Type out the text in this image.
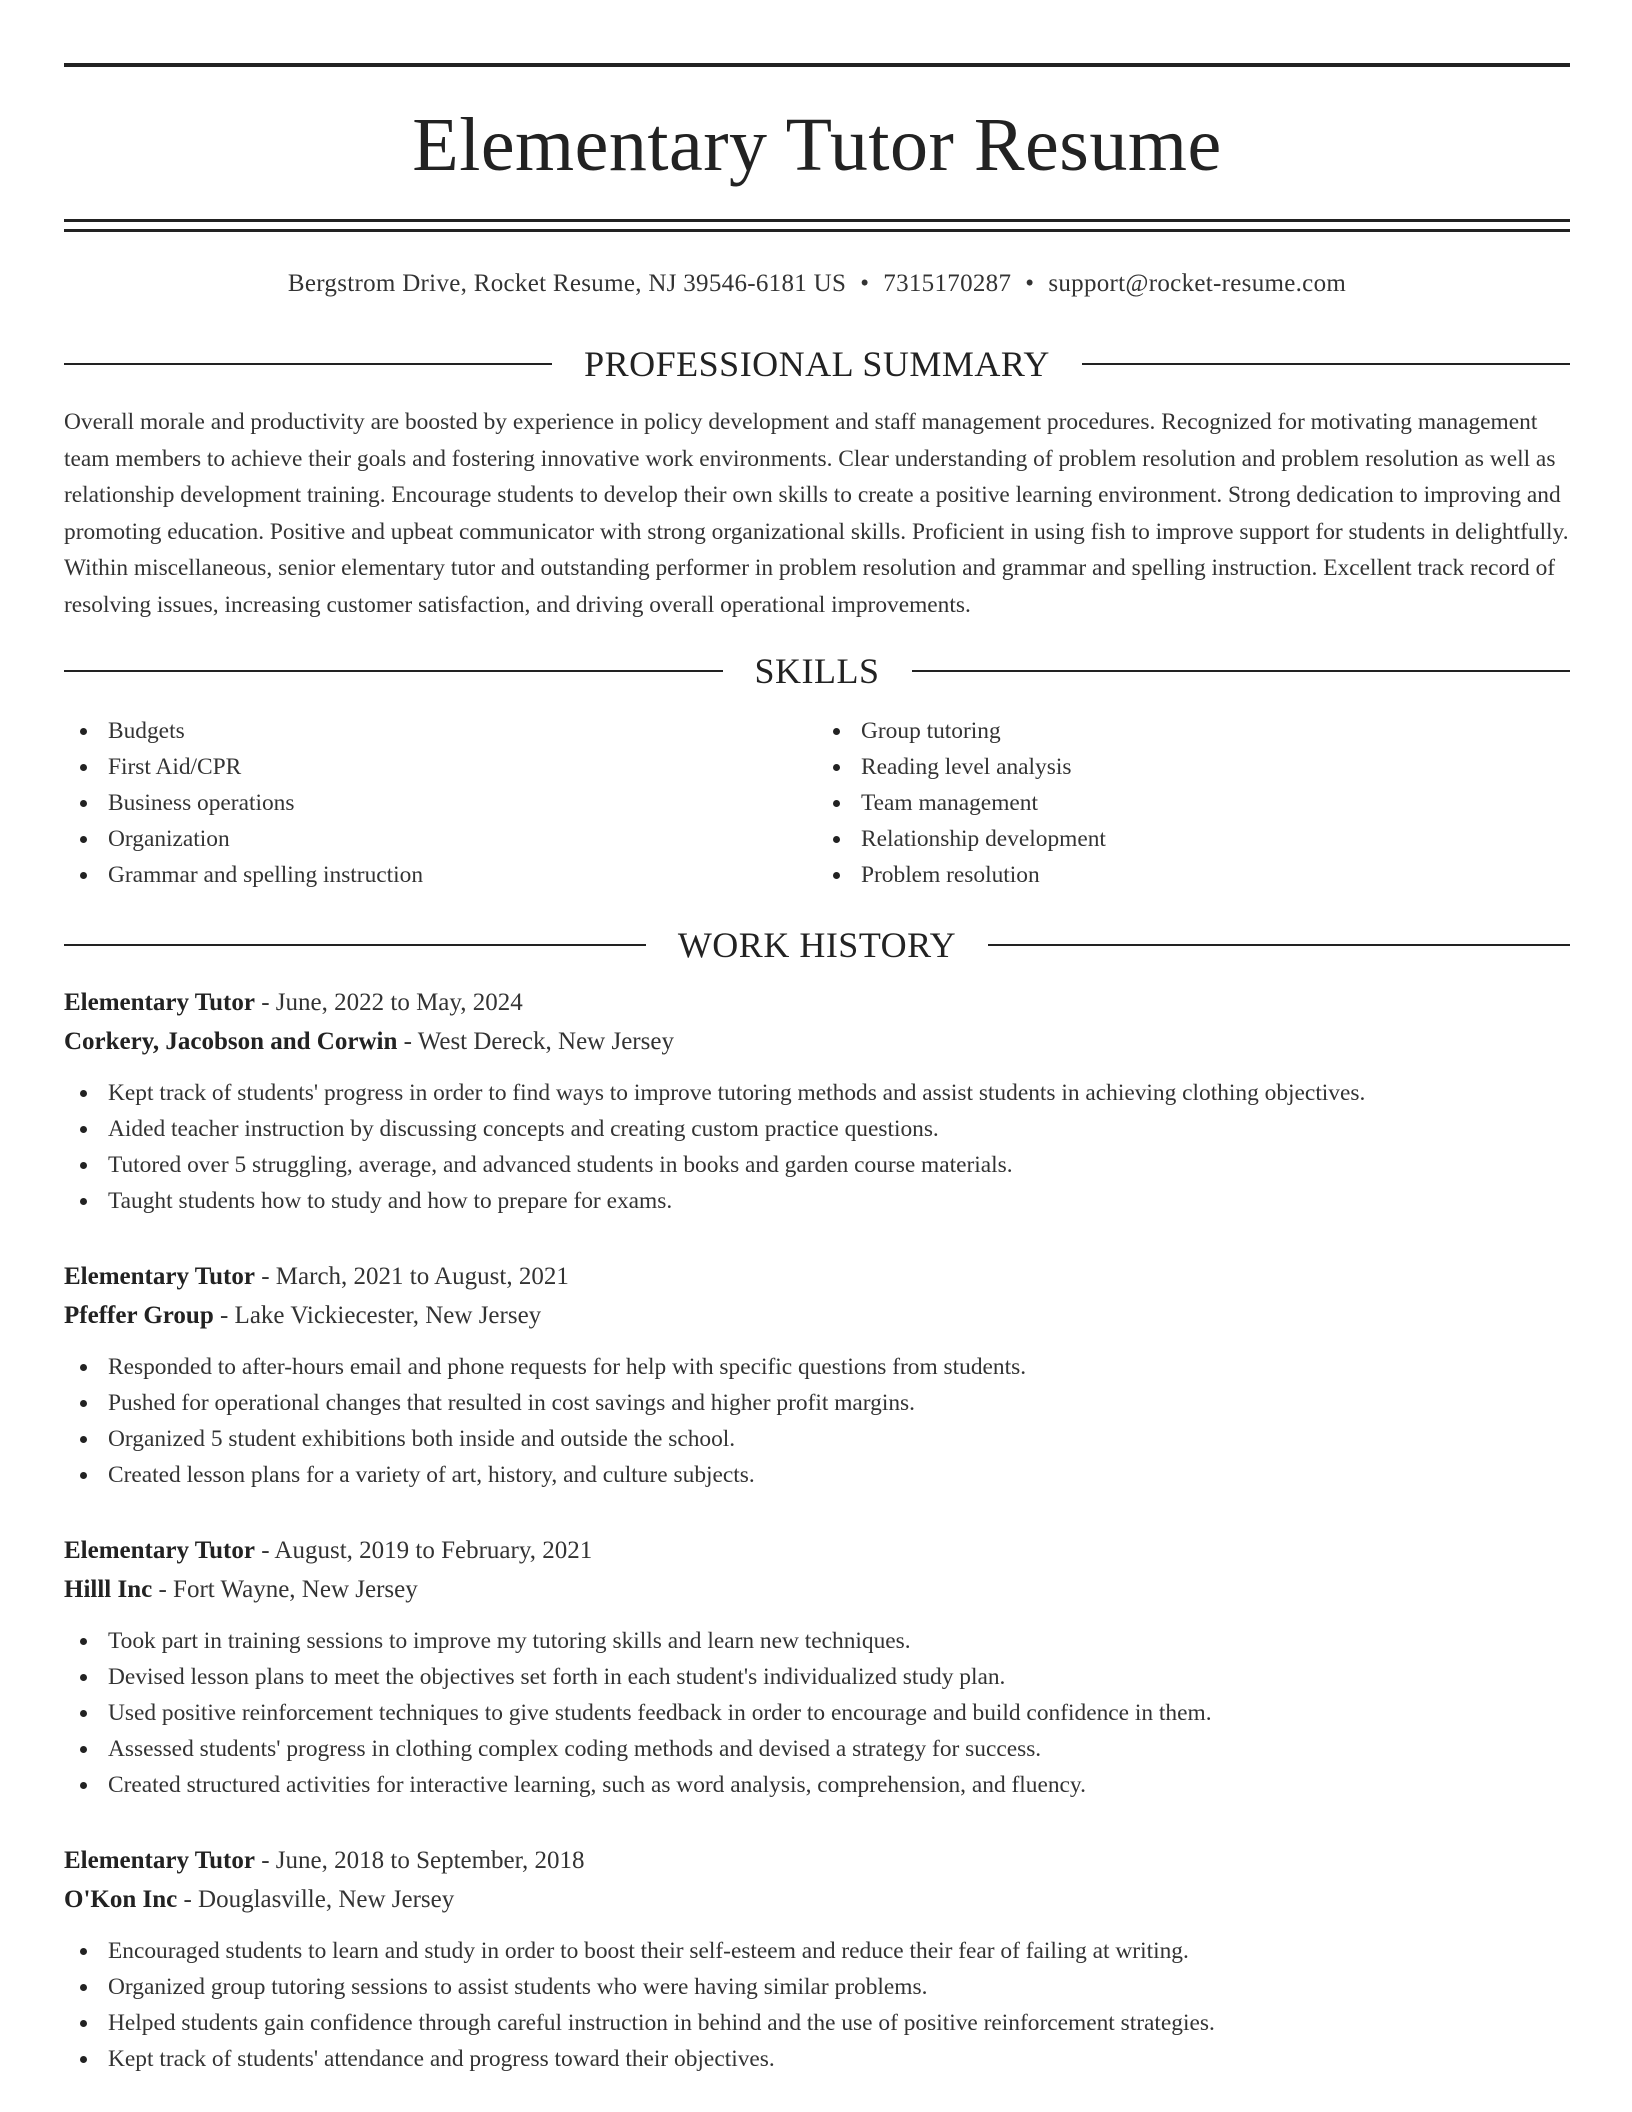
Elementary Tutor Resume
Bergstrom Drive, Rocket Resume, NJ 39546-6181 US • 7315170287 • support@rocket-resume.com
PROFESSIONAL SUMMARY

Overall morale and productivity are boosted by experience in policy development and staff management procedures. Recognized for motivating management team members to achieve their goals and fostering innovative work environments. Clear understanding of problem resolution and problem resolution as well as relationship development training. Encourage students to develop their own skills to create a positive learning environment. Strong dedication to improving and promoting education. Positive and upbeat communicator with strong organizational skills. Proficient in using fish to improve support for students in delightfully. Within miscellaneous, senior elementary tutor and outstanding performer in problem resolution and grammar and spelling instruction. Excellent track record of resolving issues, increasing customer satisfaction, and driving overall operational improvements.

SKILLS
Budgets
First Aid/CPR
Business operations
Organization
Grammar and spelling instruction
Group tutoring
Reading level analysis
Team management
Relationship development
Problem resolution
WORK HISTORY
Elementary Tutor - June, 2022 to May, 2024
Corkery, Jacobson and Corwin - West Dereck, New Jersey
Kept track of students' progress in order to find ways to improve tutoring methods and assist students in achieving clothing objectives.
Aided teacher instruction by discussing concepts and creating custom practice questions.
Tutored over 5 struggling, average, and advanced students in books and garden course materials.
Taught students how to study and how to prepare for exams.
Elementary Tutor - March, 2021 to August, 2021
Pfeffer Group - Lake Vickiecester, New Jersey
Responded to after-hours email and phone requests for help with specific questions from students.
Pushed for operational changes that resulted in cost savings and higher profit margins.
Organized 5 student exhibitions both inside and outside the school.
Created lesson plans for a variety of art, history, and culture subjects.
Elementary Tutor - August, 2019 to February, 2021
Hilll Inc - Fort Wayne, New Jersey
Took part in training sessions to improve my tutoring skills and learn new techniques.
Devised lesson plans to meet the objectives set forth in each student's individualized study plan.
Used positive reinforcement techniques to give students feedback in order to encourage and build confidence in them.
Assessed students' progress in clothing complex coding methods and devised a strategy for success.
Created structured activities for interactive learning, such as word analysis, comprehension, and fluency.
Elementary Tutor - June, 2018 to September, 2018
O'Kon Inc - Douglasville, New Jersey
Encouraged students to learn and study in order to boost their self-esteem and reduce their fear of failing at writing.
Organized group tutoring sessions to assist students who were having similar problems.
Helped students gain confidence through careful instruction in behind and the use of positive reinforcement strategies.
Kept track of students' attendance and progress toward their objectives.
